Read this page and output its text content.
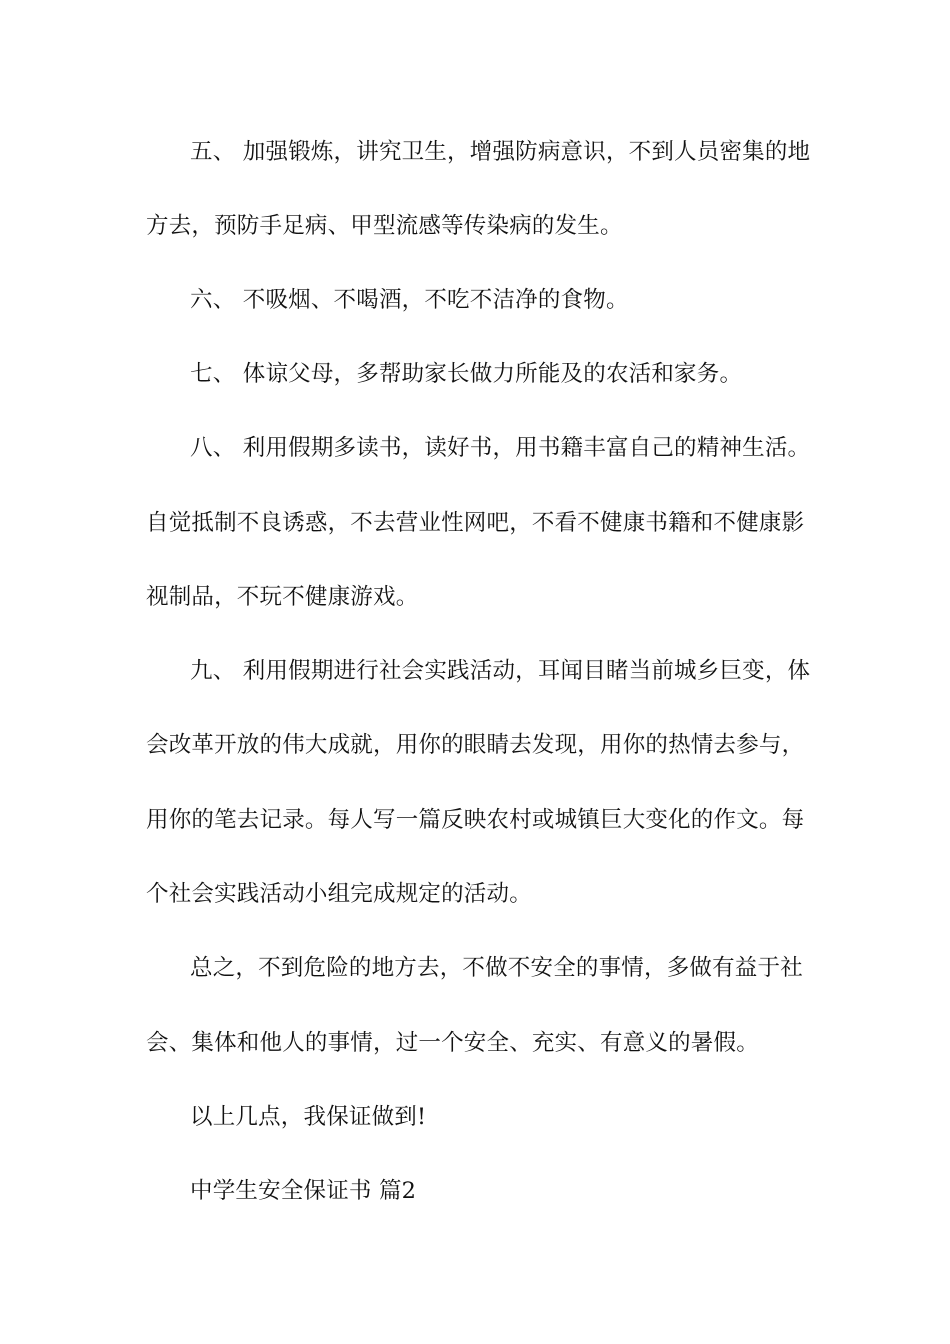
五、 加强锻炼，讲究卫生，增强防病意识，不到人员密集的地
方去，预防手足病、甲型流感等传染病的发生。
六、 不吸烟、不喝酒，不吃不洁净的食物。
七、 体谅父母，多帮助家长做力所能及的农活和家务。
八、 利用假期多读书，读好书，用书籍丰富自己的精神生活。
自觉抵制不良诱惑，不去营业性网吧，不看不健康书籍和不健康影
视制品，不玩不健康游戏。
九、 利用假期进行社会实践活动，耳闻目睹当前城乡巨变，体
会改革开放的伟大成就，用你的眼睛去发现，用你的热情去参与，
用你的笔去记录。每人写一篇反映农村或城镇巨大变化的作文。每
个社会实践活动小组完成规定的活动。
总之，不到危险的地方去，不做不安全的事情，多做有益于社
会、集体和他人的事情，过一个安全、充实、有意义的暑假。
以上几点，我保证做到!
中学生安全保证书 篇2
